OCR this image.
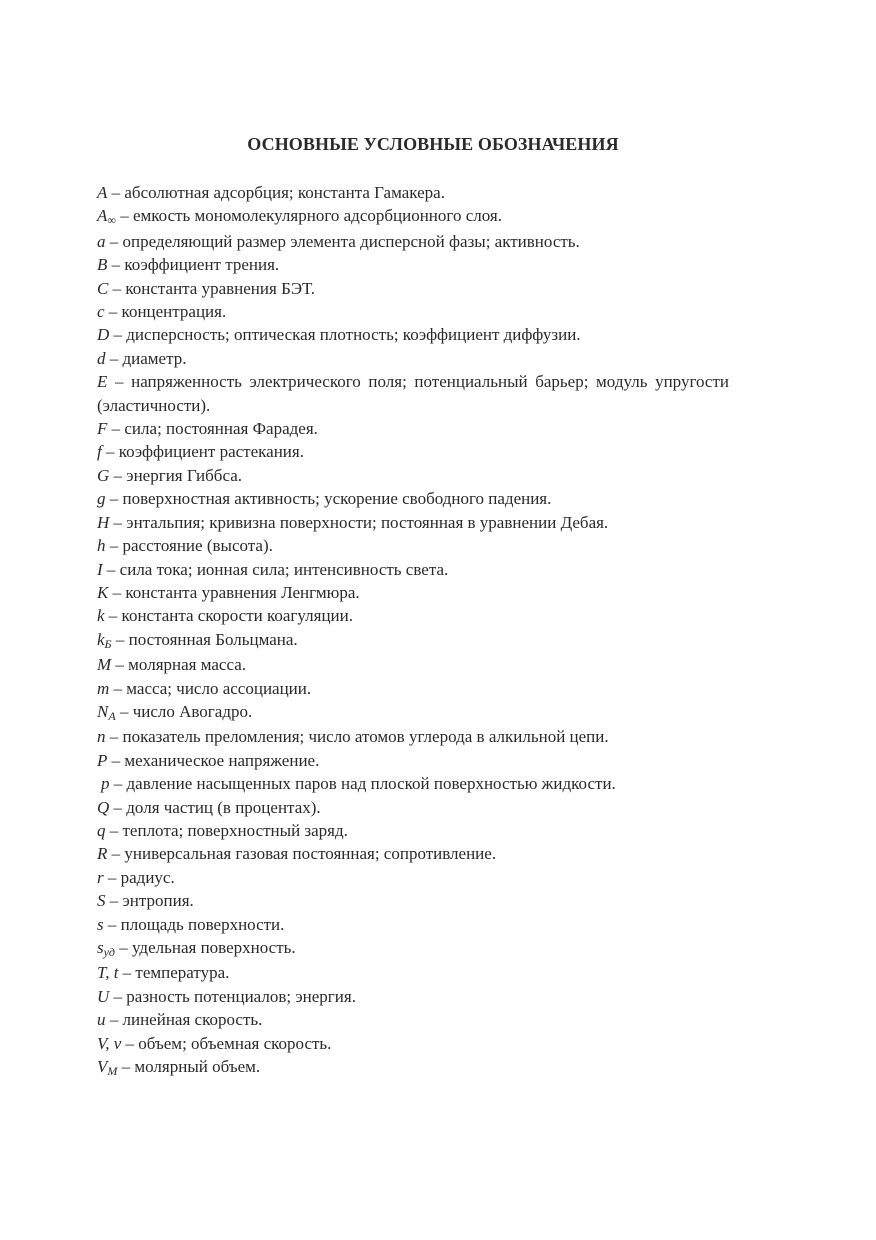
ОСНОВНЫЕ УСЛОВНЫЕ ОБОЗНАЧЕНИЯ
A – абсолютная адсорбция; константа Гамакера.
A∞ – емкость мономолекулярного адсорбционного слоя.
a – определяющий размер элемента дисперсной фазы; активность.
B – коэффициент трения.
C – константа уравнения БЭТ.
c – концентрация.
D – дисперсность; оптическая плотность; коэффициент диффузии.
d – диаметр.
E – напряженность электрического поля; потенциальный барьер; модуль упругости (эластичности).
F – сила; постоянная Фарадея.
f – коэффициент растекания.
G – энергия Гиббса.
g – поверхностная активность; ускорение свободного падения.
H – энтальпия; кривизна поверхности; постоянная в уравнении Дебая.
h – расстояние (высота).
I – сила тока; ионная сила; интенсивность света.
K – константа уравнения Ленгмюра.
k – константа скорости коагуляции.
kБ – постоянная Больцмана.
M – молярная масса.
m – масса; число ассоциации.
NA – число Авогадро.
n – показатель преломления; число атомов углерода в алкильной цепи.
P – механическое напряжение.
p – давление насыщенных паров над плоской поверхностью жидкости.
Q – доля частиц (в процентах).
q – теплота; поверхностный заряд.
R – универсальная газовая постоянная; сопротивление.
r – радиус.
S – энтропия.
s – площадь поверхности.
sуд – удельная поверхность.
T, t – температура.
U – разность потенциалов; энергия.
u – линейная скорость.
V, v – объем; объемная скорость.
VM – молярный объем.
